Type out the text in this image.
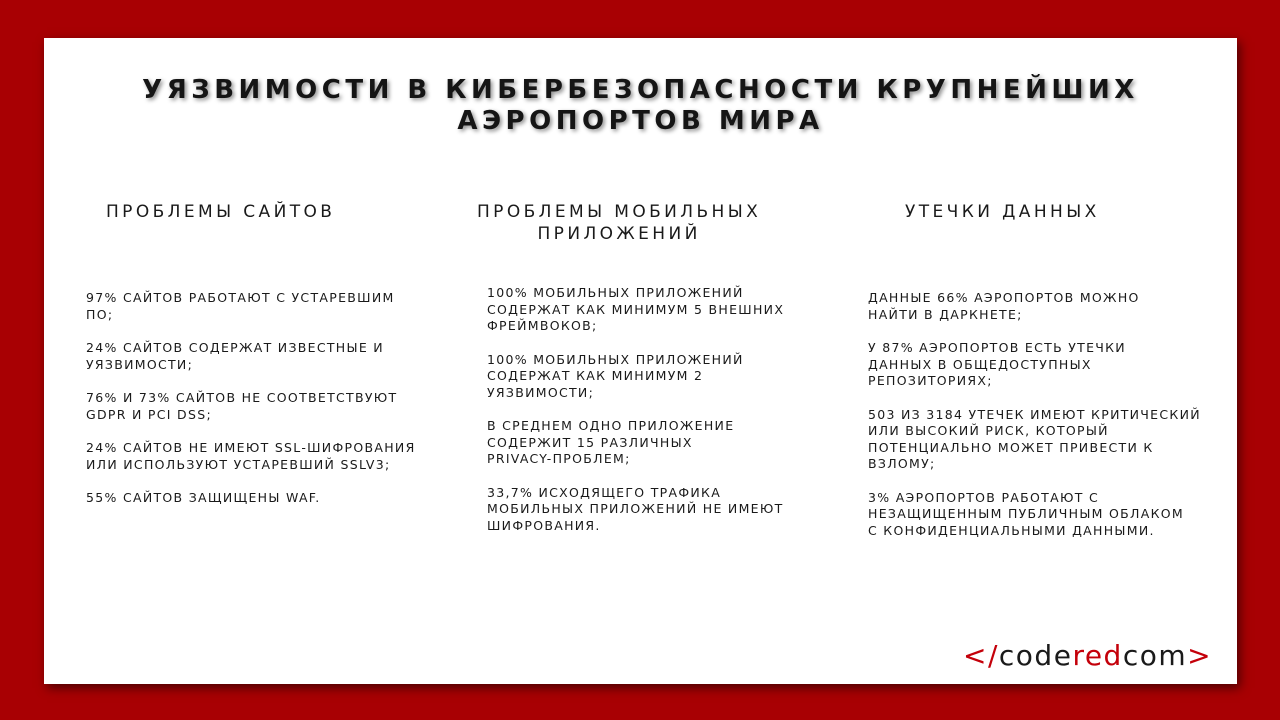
УЯЗВИМОСТИ В КИБЕРБЕЗОПАСНОСТИ КРУПНЕЙШИХ
АЭРОПОРТОВ МИРА
ПРОБЛЕМЫ САЙТОВ
97% САЙТОВ РАБОТАЮТ С УСТАРЕВШИМ
ПО;
24% САЙТОВ СОДЕРЖАТ ИЗВЕСТНЫЕ И
УЯЗВИМОСТИ;
76% И 73% САЙТОВ НЕ СООТВЕТСТВУЮТ
GDPR И PCI DSS;
24% САЙТОВ НЕ ИМЕЮТ SSL-ШИФРОВАНИЯ
ИЛИ ИСПОЛЬЗУЮТ УСТАРЕВШИЙ SSLV3;
55% САЙТОВ ЗАЩИЩЕНЫ WAF.
ПРОБЛЕМЫ МОБИЛЬНЫХ
ПРИЛОЖЕНИЙ
100% МОБИЛЬНЫХ ПРИЛОЖЕНИЙ
СОДЕРЖАТ КАК МИНИМУМ 5 ВНЕШНИХ
ФРЕЙМВОКОВ;
100% МОБИЛЬНЫХ ПРИЛОЖЕНИЙ
СОДЕРЖАТ КАК МИНИМУМ 2
УЯЗВИМОСТИ;
В СРЕДНЕМ ОДНО ПРИЛОЖЕНИЕ
СОДЕРЖИТ 15 РАЗЛИЧНЫХ
PRIVACY-ПРОБЛЕМ;
33,7% ИСХОДЯЩЕГО ТРАФИКА
МОБИЛЬНЫХ ПРИЛОЖЕНИЙ НЕ ИМЕЮТ
ШИФРОВАНИЯ.
УТЕЧКИ ДАННЫХ
ДАННЫЕ 66% АЭРОПОРТОВ МОЖНО
НАЙТИ В ДАРКНЕТЕ;
У 87% АЭРОПОРТОВ ЕСТЬ УТЕЧКИ
ДАННЫХ В ОБЩЕДОСТУПНЫХ
РЕПОЗИТОРИЯХ;
503 ИЗ 3184 УТЕЧЕК ИМЕЮТ КРИТИЧЕСКИЙ
ИЛИ ВЫСОКИЙ РИСК, КОТОРЫЙ
ПОТЕНЦИАЛЬНО МОЖЕТ ПРИВЕСТИ К
ВЗЛОМУ;
3% АЭРОПОРТОВ РАБОТАЮТ С
НЕЗАЩИЩЕННЫМ ПУБЛИЧНЫМ ОБЛАКОМ
С КОНФИДЕНЦИАЛЬНЫМИ ДАННЫМИ.
</coderedcom>
